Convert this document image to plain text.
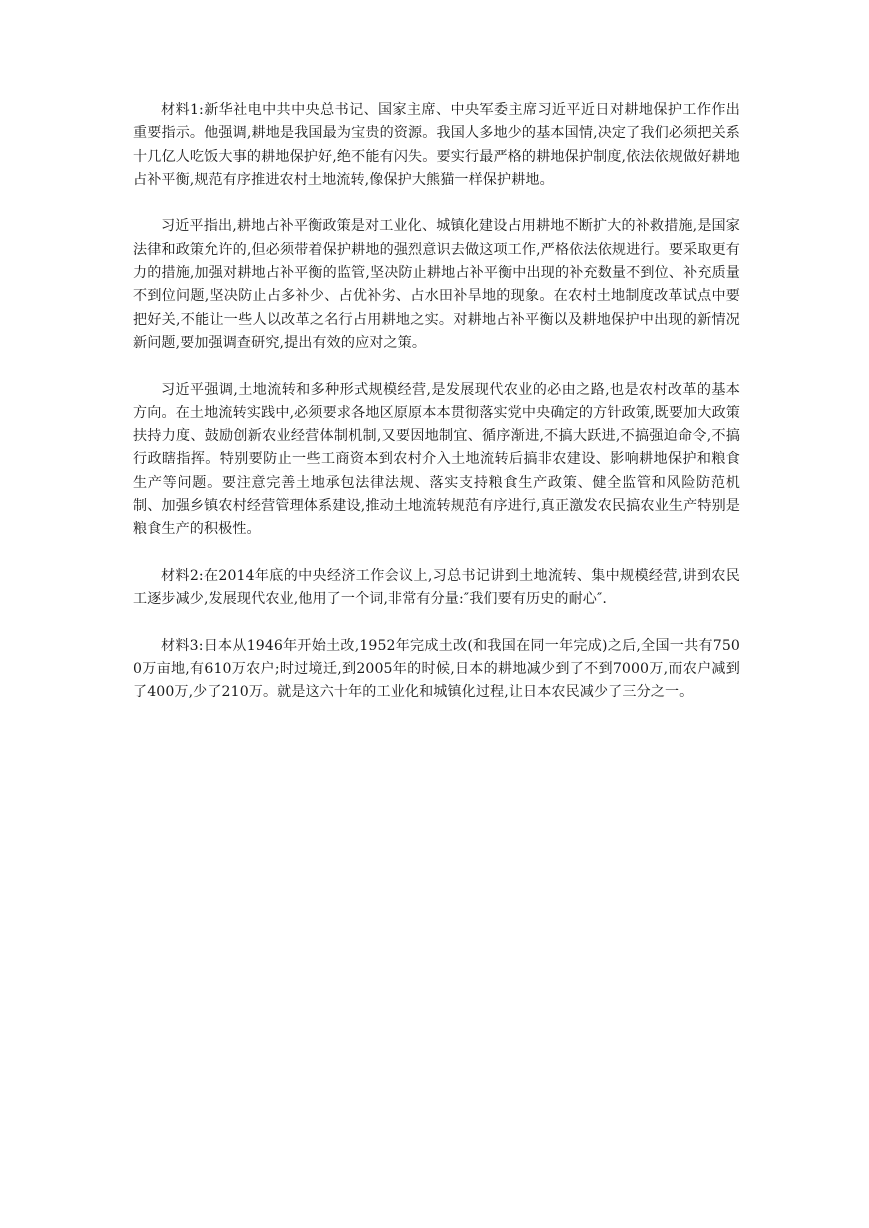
材料1:新华社电中共中央总书记、国家主席、中央军委主席习近平近日对耕地保护工作作出重要指示。他强调,耕地是我国最为宝贵的资源。我国人多地少的基本国情,决定了我们必须把关系十几亿人吃饭大事的耕地保护好,绝不能有闪失。要实行最严格的耕地保护制度,依法依规做好耕地占补平衡,规范有序推进农村土地流转,像保护大熊猫一样保护耕地。

习近平指出,耕地占补平衡政策是对工业化、城镇化建设占用耕地不断扩大的补救措施,是国家法律和政策允许的,但必须带着保护耕地的强烈意识去做这项工作,严格依法依规进行。要采取更有力的措施,加强对耕地占补平衡的监管,坚决防止耕地占补平衡中出现的补充数量不到位、补充质量不到位问题,坚决防止占多补少、占优补劣、占水田补旱地的现象。在农村土地制度改革试点中要把好关,不能让一些人以改革之名行占用耕地之实。对耕地占补平衡以及耕地保护中出现的新情况新问题,要加强调查研究,提出有效的应对之策。

习近平强调,土地流转和多种形式规模经营,是发展现代农业的必由之路,也是农村改革的基本方向。在土地流转实践中,必须要求各地区原原本本贯彻落实党中央确定的方针政策,既要加大政策扶持力度、鼓励创新农业经营体制机制,又要因地制宜、循序渐进,不搞大跃进,不搞强迫命令,不搞行政瞎指挥。特别要防止一些工商资本到农村介入土地流转后搞非农建设、影响耕地保护和粮食生产等问题。要注意完善土地承包法律法规、落实支持粮食生产政策、健全监管和风险防范机制、加强乡镇农村经营管理体系建设,推动土地流转规范有序进行,真正激发农民搞农业生产特别是粮食生产的积极性。

材料2:在2014年底的中央经济工作会议上,习总书记讲到土地流转、集中规模经营,讲到农民工逐步减少,发展现代农业,他用了一个词,非常有分量:″我们要有历史的耐心″.

材料3:日本从1946年开始土改,1952年完成土改(和我国在同一年完成)之后,全国一共有7500万亩地,有610万农户;时过境迁,到2005年的时候,日本的耕地减少到了不到7000万,而农户减到了400万,少了210万。就是这六十年的工业化和城镇化过程,让日本农民减少了三分之一。
